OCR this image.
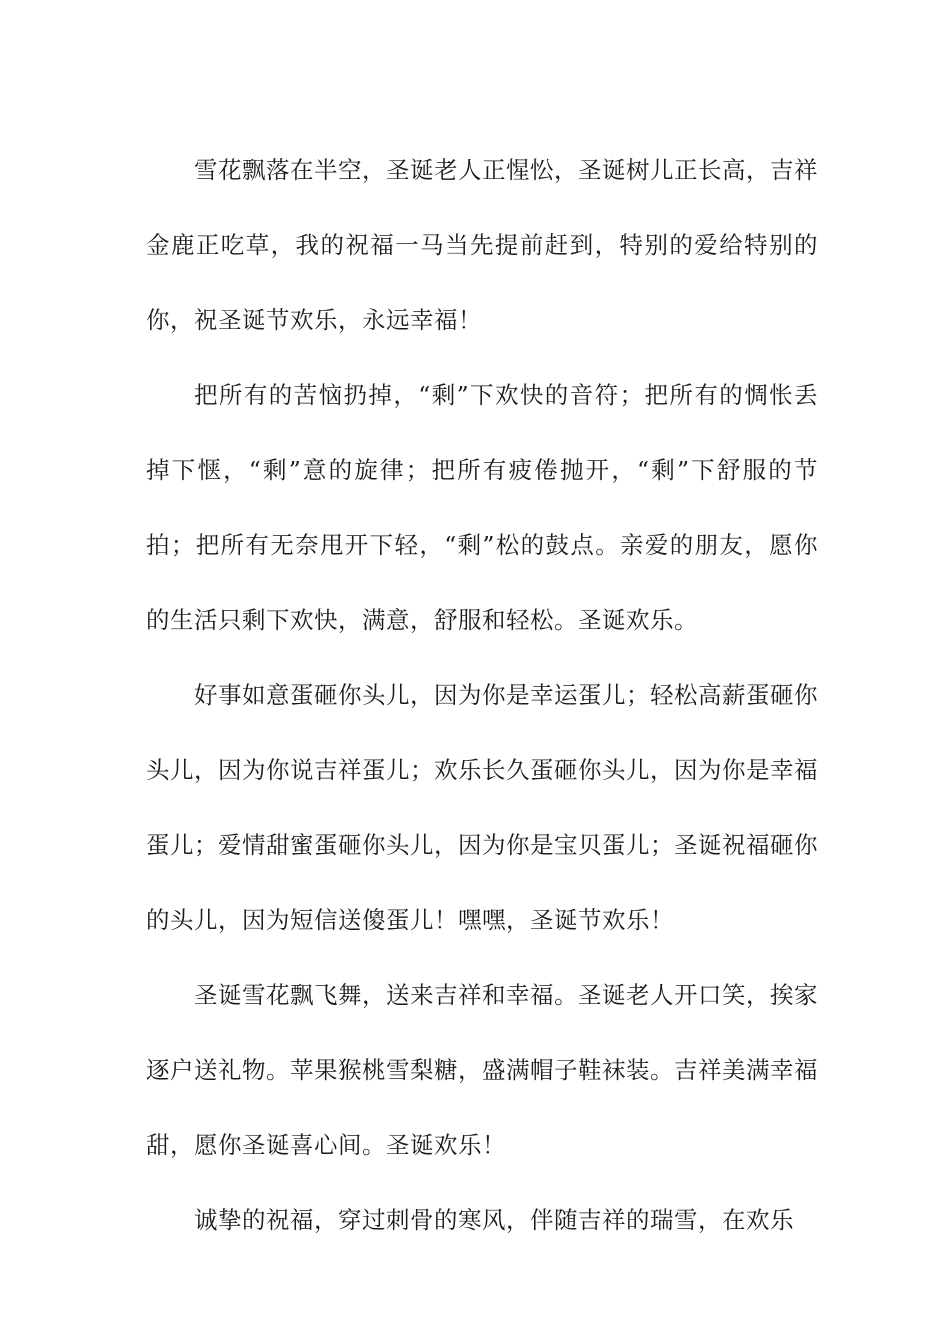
雪花飘落在半空，圣诞老人正惺忪，圣诞树儿正长高，吉祥金鹿正吃草，我的祝福一马当先提前赶到，特别的爱给特别的你，祝圣诞节欢乐，永远幸福！

把所有的苦恼扔掉，“剩”下欢快的音符；把所有的惆怅丢掉下惬，“剩”意的旋律；把所有疲倦抛开，“剩”下舒服的节拍；把所有无奈甩开下轻，“剩”松的鼓点。亲爱的朋友，愿你的生活只剩下欢快，满意，舒服和轻松。圣诞欢乐。

好事如意蛋砸你头儿，因为你是幸运蛋儿；轻松高薪蛋砸你头儿，因为你说吉祥蛋儿；欢乐长久蛋砸你头儿，因为你是幸福蛋儿；爱情甜蜜蛋砸你头儿，因为你是宝贝蛋儿；圣诞祝福砸你的头儿，因为短信送傻蛋儿！嘿嘿，圣诞节欢乐！

圣诞雪花飘飞舞，送来吉祥和幸福。圣诞老人开口笑，挨家逐户送礼物。苹果猴桃雪梨糖，盛满帽子鞋袜装。吉祥美满幸福甜，愿你圣诞喜心间。圣诞欢乐！

诚挚的祝福，穿过刺骨的寒风，伴随吉祥的瑞雪，在欢乐
